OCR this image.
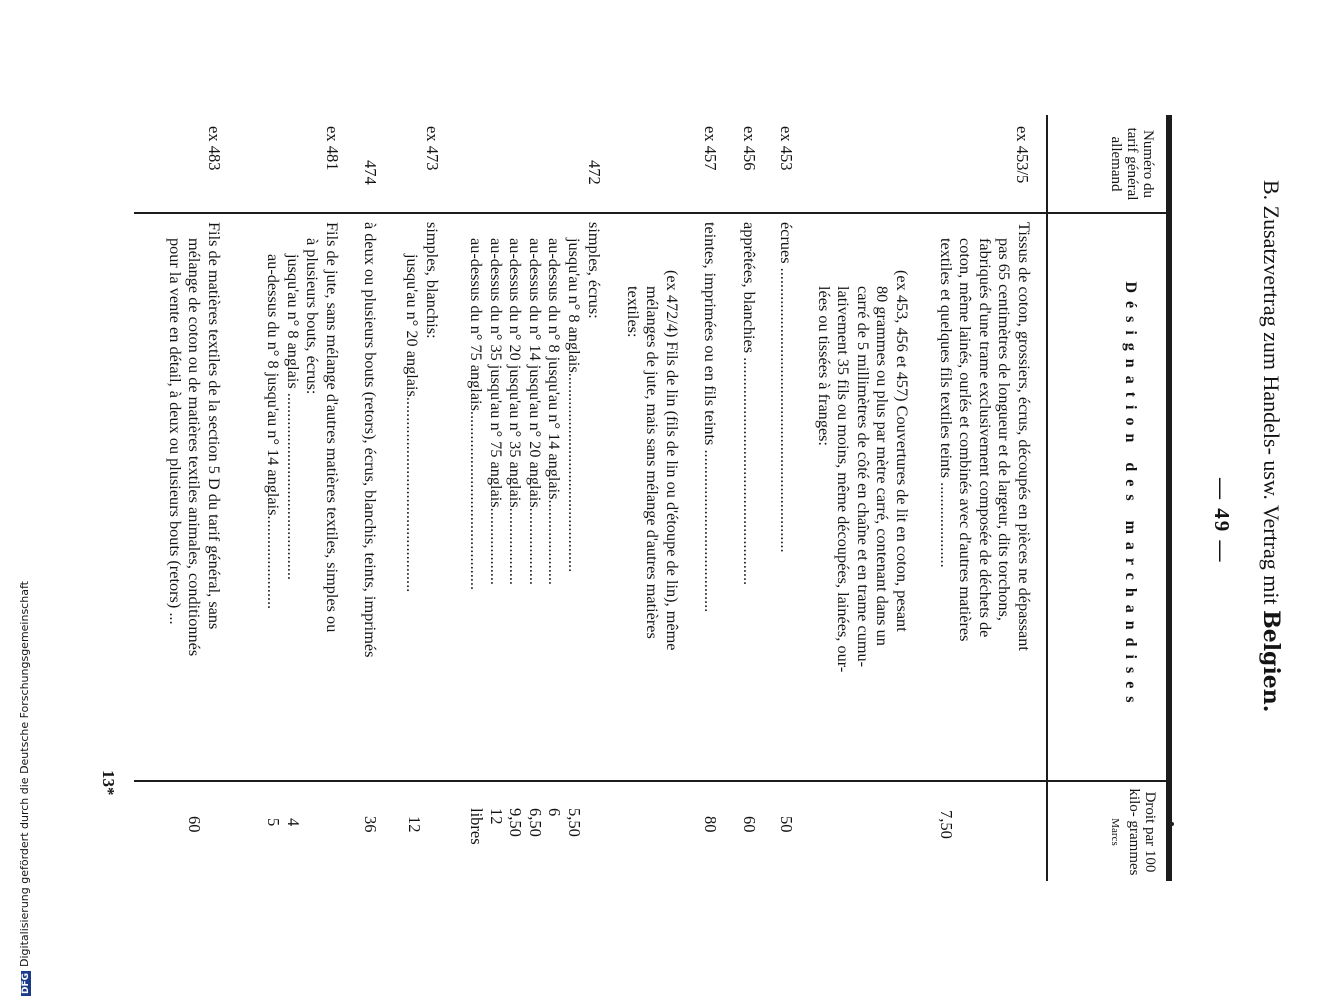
B. Zusatzvertrag zum Handels- usw. Vertrag mit Belgien.
— 49 —
Numéro du tarif général allemand
Désignation des marchandises
Droit par 100 kilo- grammes
Marcs
ex 453/5
Tissus de coton, grossiers, écrus, découpés en pièces ne dépassant
pas 65 centimètres de longueur et de largeur, dits torchons,
fabriqués d'une trame exclusivement composée de déchets de
coton, même lainés, ourlés et combinés avec d'autres matières
textiles et quelques fils textiles teints .....................
7,50
(ex 453, 456 et 457) Couvertures de lit en coton, pesant
80 grammes ou plus par mètre carré, contenant dans un
carré de 5 millimètres de côté en chaîne et en trame cumu-
lativement 35 fils ou moins, même découpées, lainées, our-
lées ou tissées à franges:
ex 453
écrues ......................................................................
50
ex 456
apprêtées, blanchies ........................................................
60
ex 457
teintes, imprimées ou en fils teints ........................................
80
(ex 472/4) Fils de lin (fils de lin ou d'étoupe de lin), même
mélanges de jute, mais sans mélange d'autres matières
textiles:
472
simples, écrus:
jusqu'au n° 8 anglais.................................................
au-dessus du n° 8 jusqu'au n° 14 anglais.....................
au-dessus du n° 14 jusqu'au n° 20 anglais...................
au-dessus du n° 20 jusqu'au n° 35 anglais...................
au-dessus du n° 35 jusqu'au n° 75 anglais...................
au-dessus du n° 75 anglais............................................
5,50
6
6,50
9,50
12
libres
ex 473
simples, blanchis:
jusqu'au n° 20 anglais................................................
12
474
à deux ou plusieurs bouts (retors), écrus, blanchis, teints, imprimés
36
ex 481
Fils de jute, sans mélange d'autres matières textiles, simples ou
à plusieurs bouts, écrus:
jusqu'au n° 8 anglais ..............................................
au-dessus du n° 8 jusqu'au n° 14 anglais.......................
4
5
ex 483
Fils de matières textiles de la section 5 D du tarif général, sans
mélange de coton ou de matières textiles animales, conditionnés
pour la vente en détail, à deux ou plusieurs bouts (retors) ...
60
13*
DFGDigitalisierung gefördert durch die Deutsche Forschungsgemeinschaft
